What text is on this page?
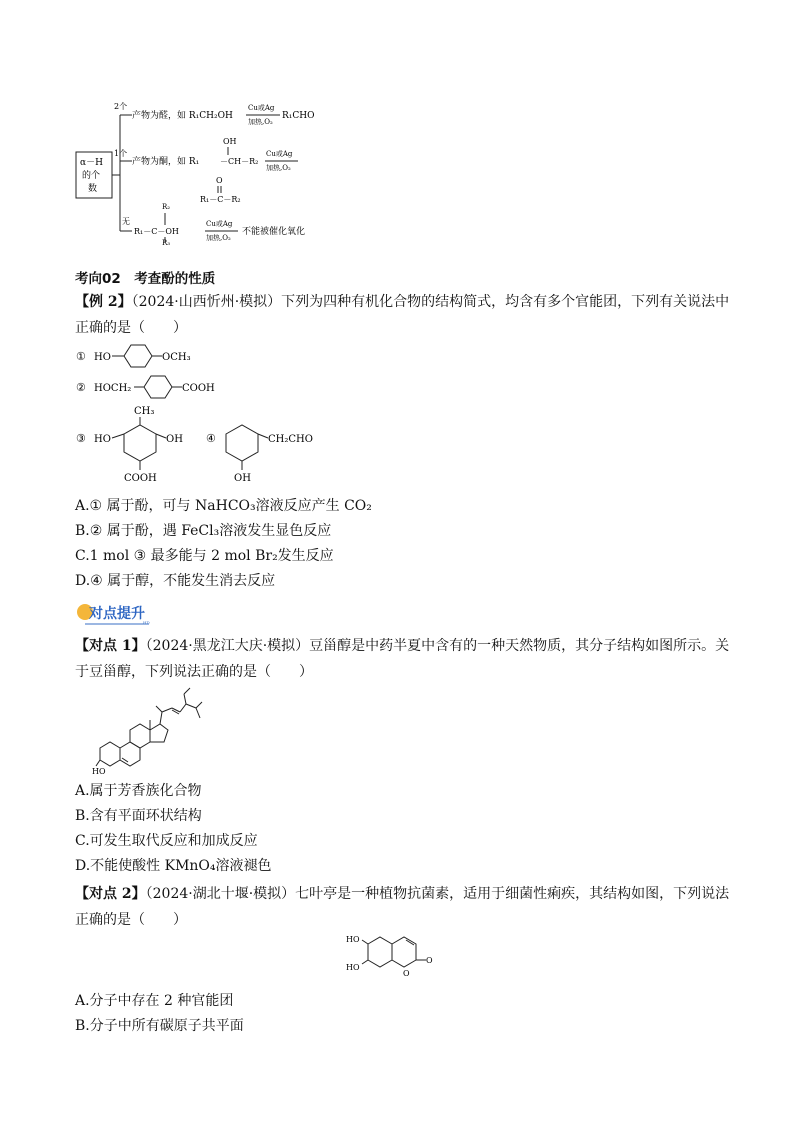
α－H
的个
数
2个
产物为醛，如 R₁CH₂OH
Cu或Ag
加热,O₂
R₁CHO
1个
产物为酮，如 R₁
OH
－CH－R₂
Cu或Ag
加热,O₂
O
R₁－C－R₂
无
R₂
R₁－C－OH
R₃
Cu或Ag
加热,O₂
不能被催化氧化
考向02　考查酚的性质
【例 2】（2024·山西忻州·模拟）下列为四种有机化合物的结构简式，均含有多个官能团，下列有关说法中
正确的是（　　）
① HO	OCH₃
② HOCH₂	COOH
③
CH₃
HO	OH
COOH
④	CH₂CHO
OH
A.① 属于酚，可与 NaHCO₃溶液反应产生 CO₂
B.② 属于酚，遇 FeCl₃溶液发生显色反应
C.1 mol ③ 最多能与 2 mol Br₂发生反应
D.④ 属于醇，不能发生消去反应
HD
对点提升
【对点 1】（2024·黑龙江大庆·模拟）豆甾醇是中药半夏中含有的一种天然物质，其分子结构如图所示。关
于豆甾醇，下列说法正确的是（　　）
HO
A.属于芳香族化合物
B.含有平面环状结构
C.可发生取代反应和加成反应
D.不能使酸性 KMnO₄溶液褪色
【对点 2】（2024·湖北十堰·模拟）七叶亭是一种植物抗菌素，适用于细菌性痢疾，其结构如图，下列说法
正确的是（　　）
HO
HO
O
O
A.分子中存在 2 种官能团
B.分子中所有碳原子共平面
